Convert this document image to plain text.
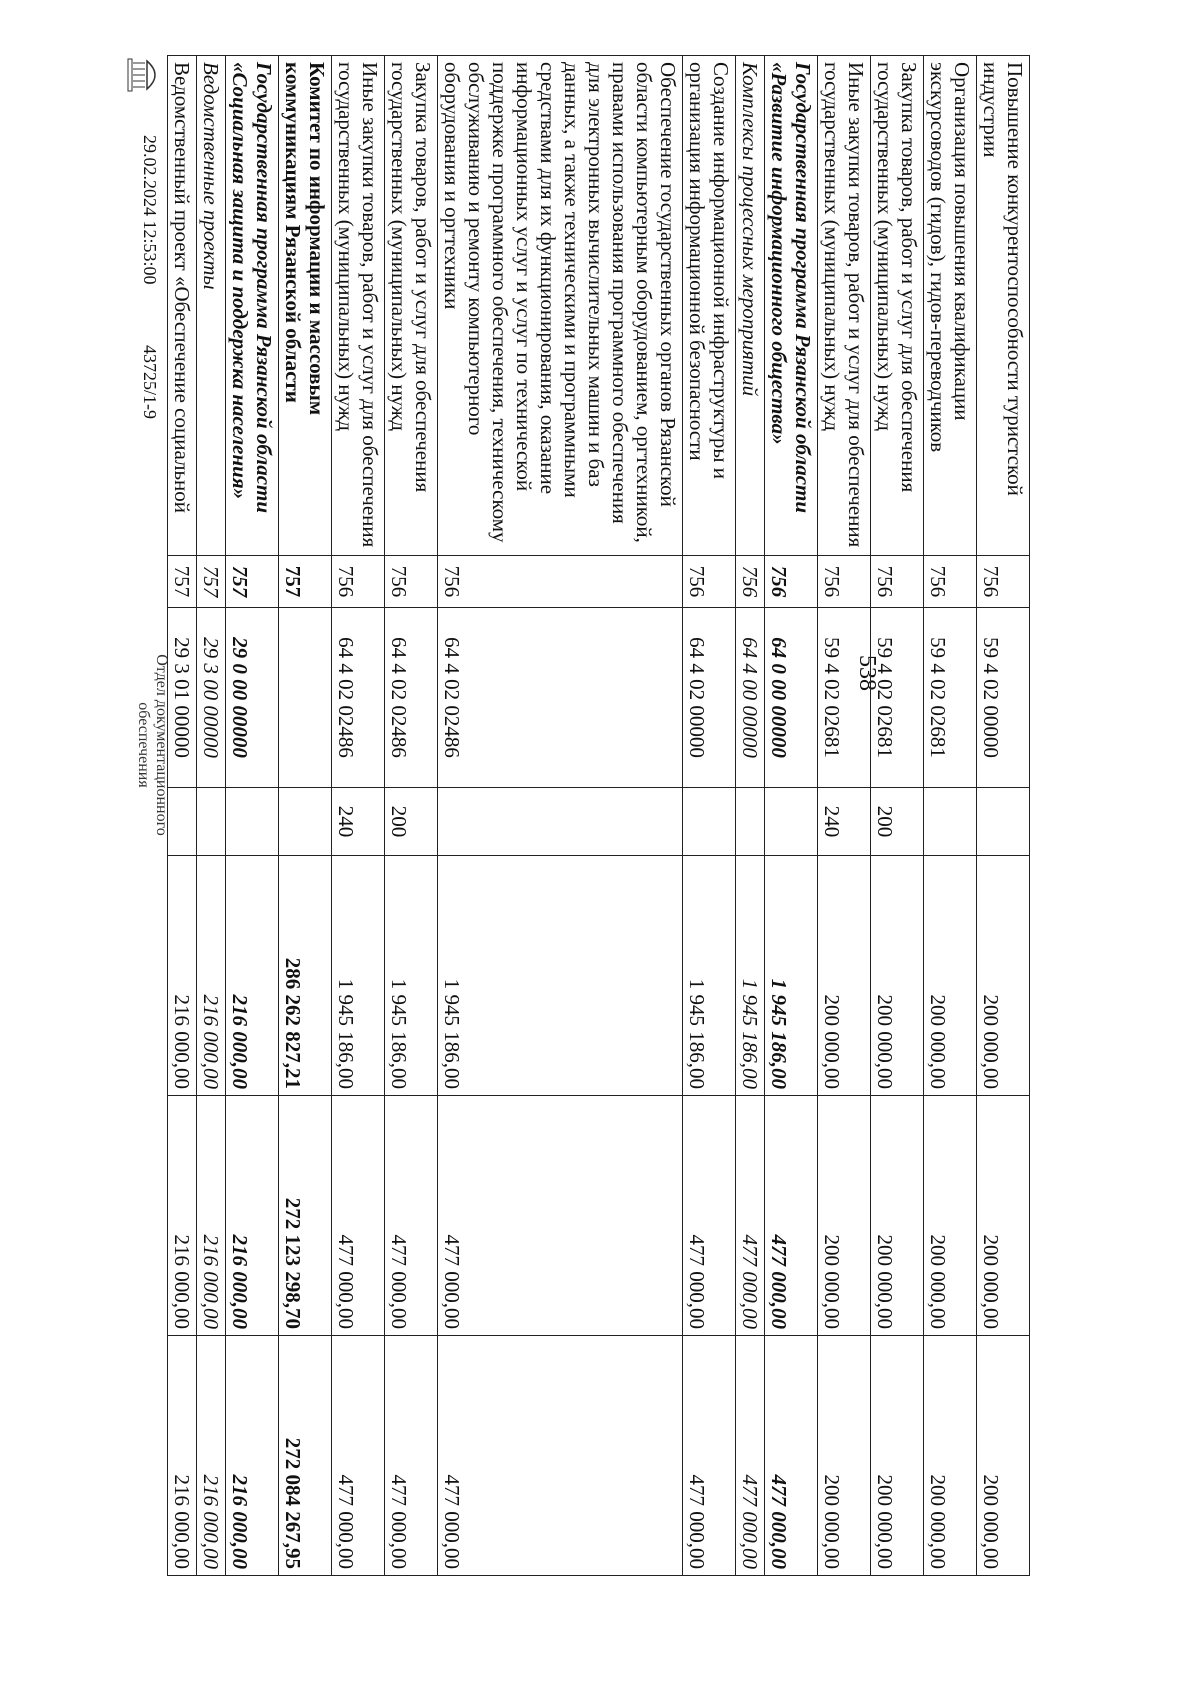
538
Повышение конкурентоспособности туристской индустрии	756	59 4 02 00000		200 000,00	200 000,00	200 000,00
Организация повышения квалификации экскурсоводов (гидов), гидов-переводчиков	756	59 4 02 02681		200 000,00	200 000,00	200 000,00
Закупка товаров, работ и услуг для обеспечения государственных (муниципальных) нужд	756	59 4 02 02681	200	200 000,00	200 000,00	200 000,00
Иные закупки товаров, работ и услуг для обеспечения государственных (муниципальных) нужд	756	59 4 02 02681	240	200 000,00	200 000,00	200 000,00
Государственная программа Рязанской области «Развитие информационного общества»	756	64 0 00 00000		1 945 186,00	477 000,00	477 000,00
Комплексы процессных мероприятий	756	64 4 00 00000		1 945 186,00	477 000,00	477 000,00
Создание информационной инфраструктуры и организация информационной безопасности	756	64 4 02 00000		1 945 186,00	477 000,00	477 000,00
Обеспечение государственных органов Рязанской области компьютерным оборудованием, оргтехникой, правами использования программного обеспечения для электронных вычислительных машин и баз данных, а также техническими и программными средствами для их функционирования, оказание информационных услуг и услуг по технической поддержке программного обеспечения, техническому обслуживанию и ремонту компьютерного оборудования и оргтехники	756	64 4 02 02486		1 945 186,00	477 000,00	477 000,00
Закупка товаров, работ и услуг для обеспечения государственных (муниципальных) нужд	756	64 4 02 02486	200	1 945 186,00	477 000,00	477 000,00
Иные закупки товаров, работ и услуг для обеспечения государственных (муниципальных) нужд	756	64 4 02 02486	240	1 945 186,00	477 000,00	477 000,00
Комитет по информации и массовым коммуникациям Рязанской области	757			286 262 827,21	272 123 298,70	272 084 267,95
Государственная программа Рязанской области «Социальная защита и поддержка населения»	757	29 0 00 00000		216 000,00	216 000,00	216 000,00
Ведомственные проекты	757	29 3 00 00000		216 000,00	216 000,00	216 000,00
Ведомственный проект «Обеспечение социальной	757	29 3 01 00000		216 000,00	216 000,00	216 000,00
29.02.2024 12:53:00
43725/1-9
Отдел документационного обеспечения
